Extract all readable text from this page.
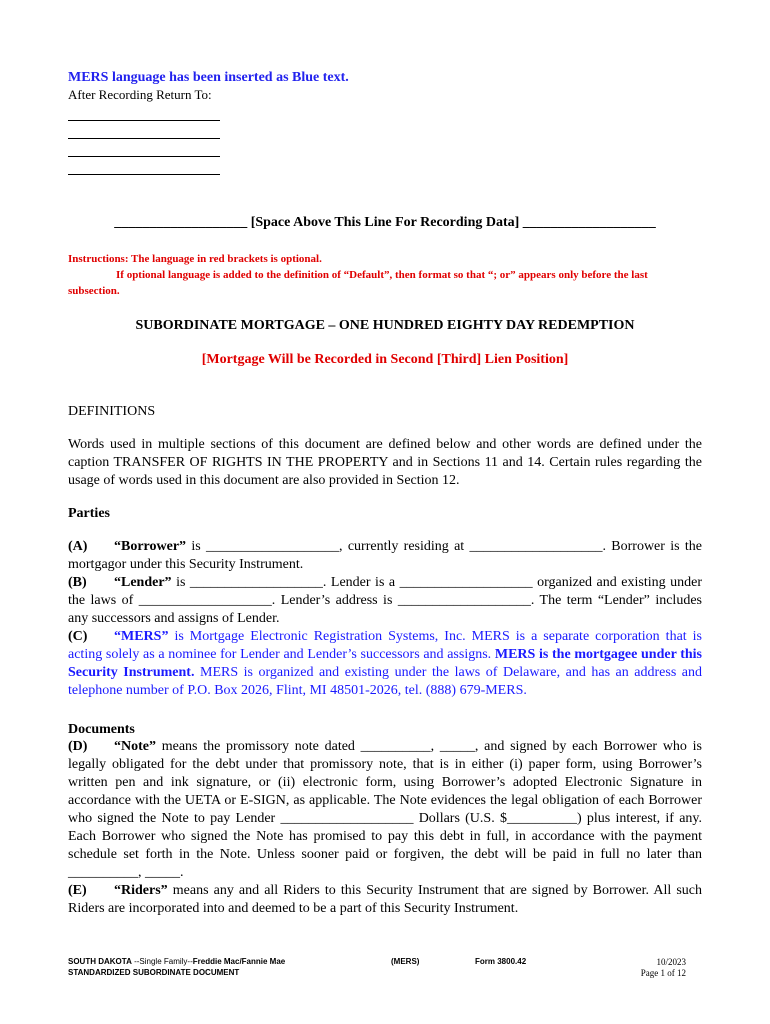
MERS language has been inserted as Blue text.

After Recording Return To:
___________________ [Space Above This Line For Recording Data] ___________________
Instructions: The language in red brackets is optional.
If optional language is added to the definition of “Default”, then format so that “; or” appears only before the last subsection.
SUBORDINATE MORTGAGE – ONE HUNDRED EIGHTY DAY REDEMPTION
[Mortgage Will be Recorded in Second [Third] Lien Position]
DEFINITIONS

Words used in multiple sections of this document are defined below and other words are defined under the caption TRANSFER OF RIGHTS IN THE PROPERTY and in Sections 11 and 14. Certain rules regarding the usage of words used in this document are also provided in Section 12.

Parties
(A) “Borrower” is ___________________, currently residing at ___________________. Borrower is the mortgagor under this Security Instrument.
(B) “Lender” is ___________________. Lender is a ___________________ organized and existing under the laws of ___________________. Lender’s address is ___________________. The term “Lender” includes any successors and assigns of Lender.
(C) “MERS” is Mortgage Electronic Registration Systems, Inc. MERS is a separate corporation that is acting solely as a nominee for Lender and Lender’s successors and assigns. MERS is the mortgagee under this Security Instrument. MERS is organized and existing under the laws of Delaware, and has an address and telephone number of P.O. Box 2026, Flint, MI 48501-2026, tel. (888) 679-MERS.
Documents
(D) “Note” means the promissory note dated __________, _____, and signed by each Borrower who is legally obligated for the debt under that promissory note, that is in either (i) paper form, using Borrower’s written pen and ink signature, or (ii) electronic form, using Borrower’s adopted Electronic Signature in accordance with the UETA or E-SIGN, as applicable. The Note evidences the legal obligation of each Borrower who signed the Note to pay Lender ___________________ Dollars (U.S. $__________) plus interest, if any. Each Borrower who signed the Note has promised to pay this debt in full, in accordance with the payment schedule set forth in the Note. Unless sooner paid or forgiven, the debt will be paid in full no later than __________, _____.
(E) “Riders” means any and all Riders to this Security Instrument that are signed by Borrower. All such Riders are incorporated into and deemed to be a part of this Security Instrument.
SOUTH DAKOTA --Single Family--Freddie Mac/Fannie Mae	(MERS)	Form 3800.42	10/2023
STANDARDIZED SUBORDINATE DOCUMENT	Page 1 of 12
